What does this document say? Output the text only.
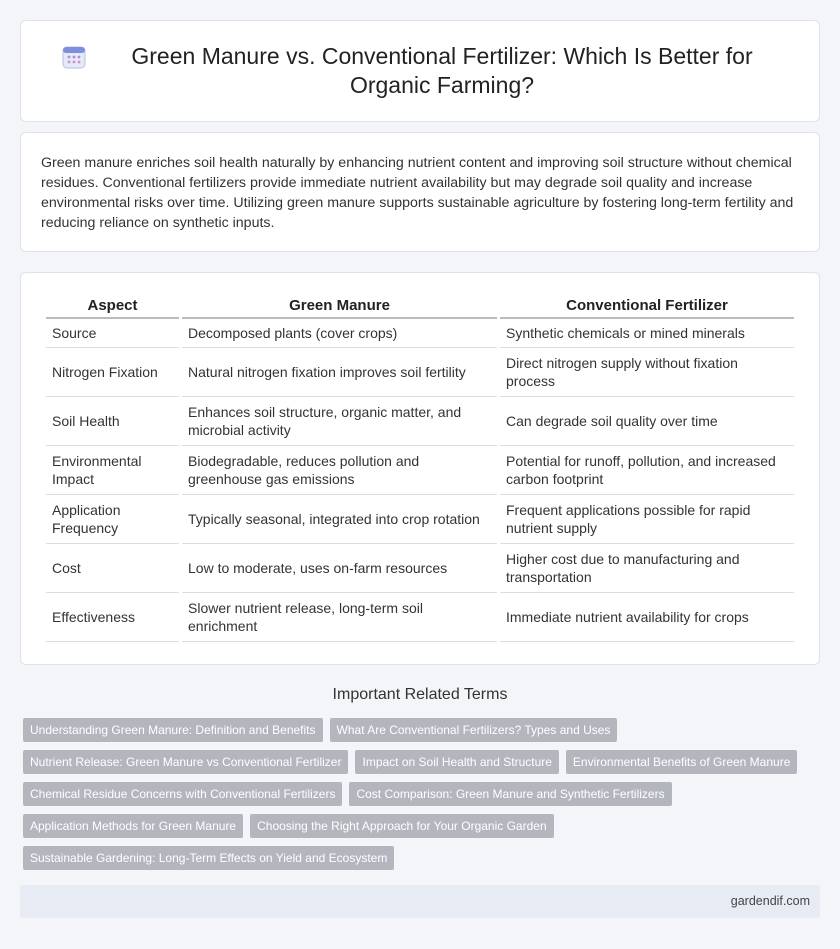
Green Manure vs. Conventional Fertilizer: Which Is Better for Organic Farming?

Green manure enriches soil health naturally by enhancing nutrient content and improving soil structure without chemical residues. Conventional fertilizers provide immediate nutrient availability but may degrade soil quality and increase environmental risks over time. Utilizing green manure supports sustainable agriculture by fostering long-term fertility and reducing reliance on synthetic inputs.

Aspect	Green Manure	Conventional Fertilizer
Source	Decomposed plants (cover crops)	Synthetic chemicals or mined minerals
Nitrogen Fixation	Natural nitrogen fixation improves soil fertility	Direct nitrogen supply without fixation process
Soil Health	Enhances soil structure, organic matter, and microbial activity	Can degrade soil quality over time
Environmental Impact	Biodegradable, reduces pollution and greenhouse gas emissions	Potential for runoff, pollution, and increased carbon footprint
Application Frequency	Typically seasonal, integrated into crop rotation	Frequent applications possible for rapid nutrient supply
Cost	Low to moderate, uses on-farm resources	Higher cost due to manufacturing and transportation
Effectiveness	Slower nutrient release, long-term soil enrichment	Immediate nutrient availability for crops
Important Related Terms
Understanding Green Manure: Definition and Benefits	What Are Conventional Fertilizers? Types and Uses
Nutrient Release: Green Manure vs Conventional Fertilizer	Impact on Soil Health and Structure	Environmental Benefits of Green Manure
Chemical Residue Concerns with Conventional Fertilizers	Cost Comparison: Green Manure and Synthetic Fertilizers
Application Methods for Green Manure	Choosing the Right Approach for Your Organic Garden
Sustainable Gardening: Long-Term Effects on Yield and Ecosystem
gardendif.com
